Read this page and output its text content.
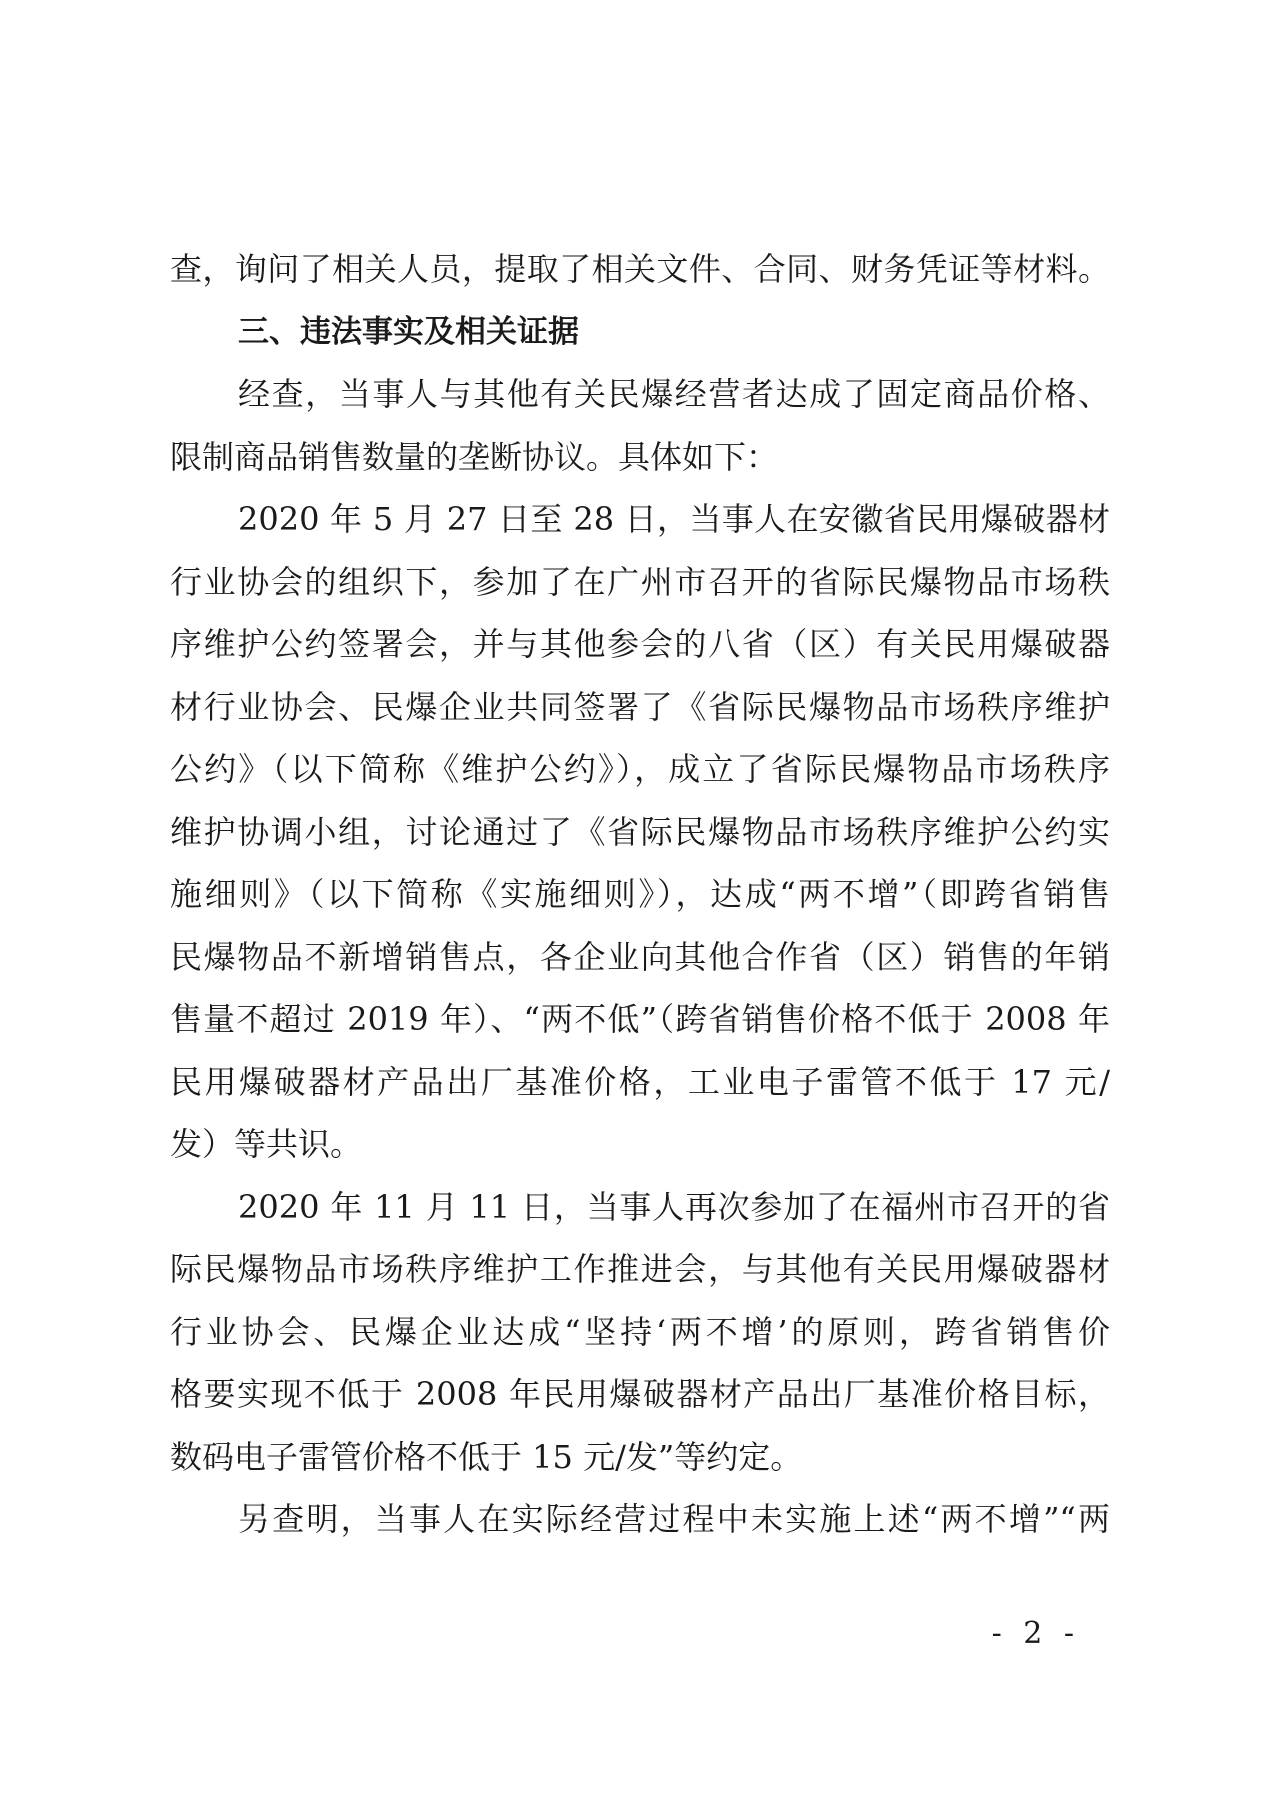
查，询问了相关人员，提取了相关文件、合同、财务凭证等材料。
三、违法事实及相关证据
经查，当事人与其他有关民爆经营者达成了固定商品价格、
限制商品销售数量的垄断协议。具体如下：
2020 年 5 月 27 日至 28 日，当事人在安徽省民用爆破器材
行业协会的组织下，参加了在广州市召开的省际民爆物品市场秩
序维护公约签署会，并与其他参会的八省（区）有关民用爆破器
材行业协会、民爆企业共同签署了《省际民爆物品市场秩序维护
公约》（以下简称《维护公约》），成立了省际民爆物品市场秩序
维护协调小组，讨论通过了《省际民爆物品市场秩序维护公约实
施细则》（以下简称《实施细则》），达成“两不增”（即跨省销售
民爆物品不新增销售点，各企业向其他合作省（区）销售的年销
售量不超过 2019 年）、“两不低”（跨省销售价格不低于 2008 年
民用爆破器材产品出厂基准价格，工业电子雷管不低于 17 元/
发）等共识。
2020 年 11 月 11 日，当事人再次参加了在福州市召开的省
际民爆物品市场秩序维护工作推进会，与其他有关民用爆破器材
行业协会、民爆企业达成“坚持‘两不增’的原则，跨省销售价
格要实现不低于 2008 年民用爆破器材产品出厂基准价格目标，
数码电子雷管价格不低于 15 元/发”等约定。
另查明，当事人在实际经营过程中未实施上述“两不增”“两
- 2 -
